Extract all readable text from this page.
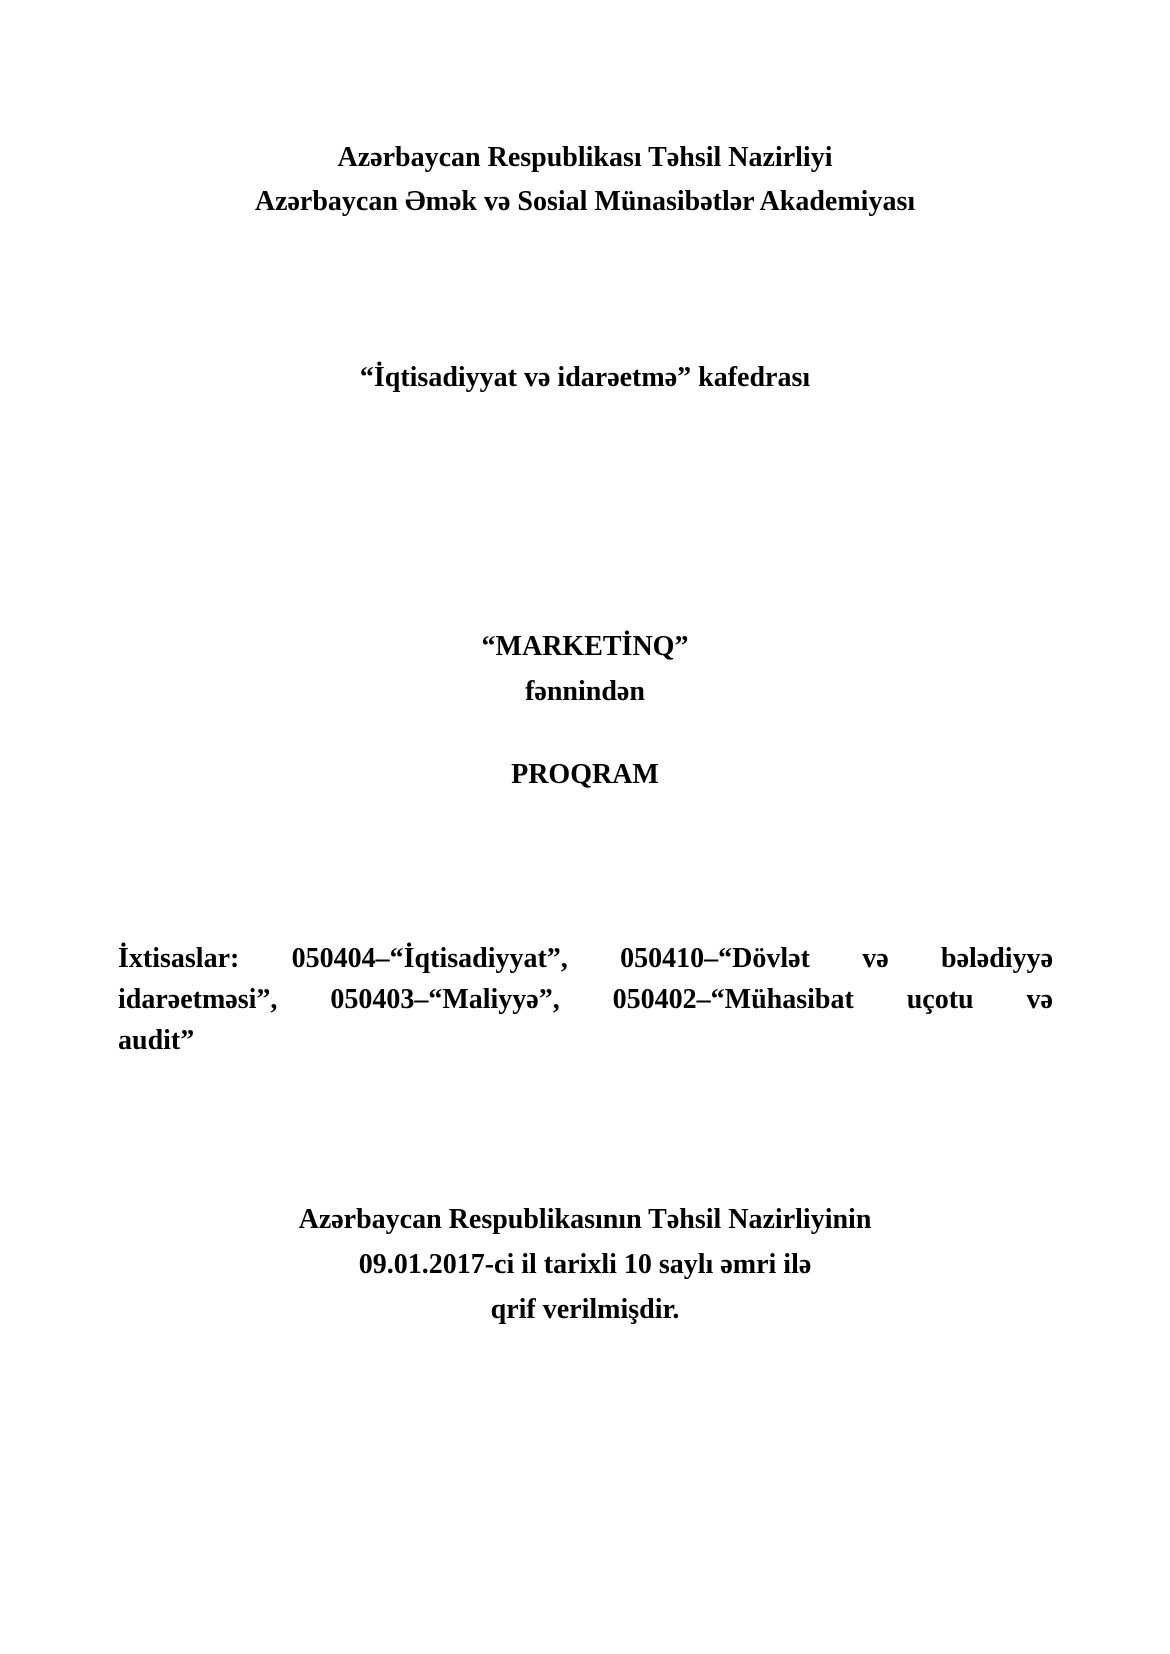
Azərbaycan Respublikası Təhsil Nazirliyi
Azərbaycan Əmək və Sosial Münasibətlər Akademiyası
“İqtisadiyyat və idarəetmə” kafedrası
“MARKETİNQ”
fənnindən
PROQRAM
İxtisaslar: 050404–“İqtisadiyyat”, 050410–“Dövlət və bələdiyyə
idarəetməsi”, 050403–“Maliyyə”, 050402–“Mühasibat uçotu və
audit”
Azərbaycan Respublikasının Təhsil Nazirliyinin
09.01.2017-ci il tarixli 10 saylı əmri ilə
qrif verilmişdir.
